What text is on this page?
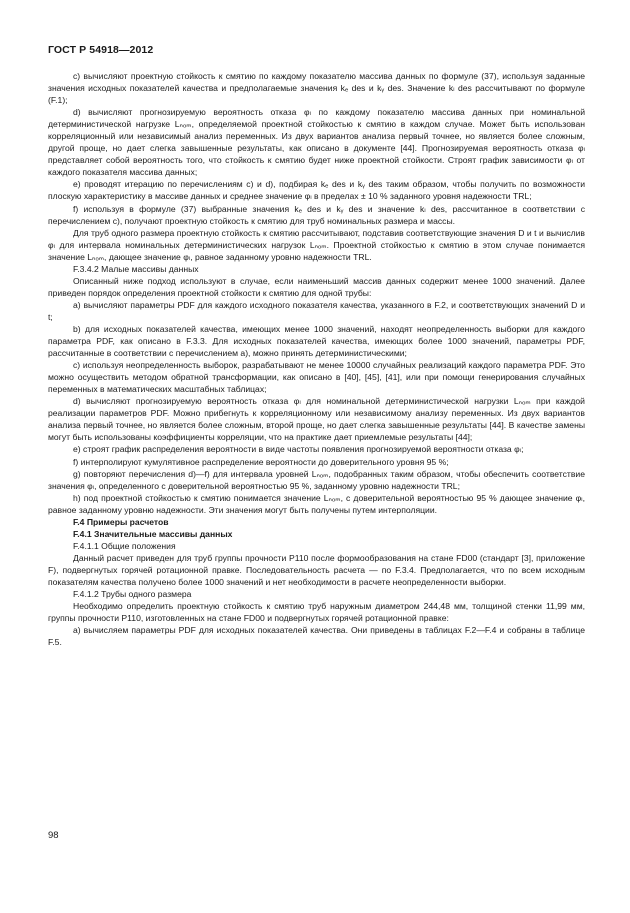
ГОСТ Р 54918—2012

с) вычисляют проектную стойкость к смятию по каждому показателю массива данных по формуле (37), используя заданные значения исходных показателей качества и предполагаемые значения kₑ des и kᵧ des. Значение kₗ des рассчитывают по формуле (F.1);

d) вычисляют прогнозируемую вероятность отказа φₗ по каждому показателю массива данных при номинальной детерминистической нагрузке Lₙₒₘ, определяемой проектной стойкостью к смятию в каждом случае. Может быть использован корреляционный или независимый анализ переменных. Из двух вариантов анализа первый точнее, но является более сложным, другой проще, но дает слегка завышенные результаты, как описано в документе [44]. Прогнозируемая вероятность отказа φₗ представляет собой вероятность того, что стойкость к смятию будет ниже проектной стойкости. Строят график зависимости φₗ от каждого показателя массива данных;

е) проводят итерацию по перечислениям с) и d), подбирая kₑ des и kᵧ des таким образом, чтобы получить по возможности плоскую характеристику в массиве данных и среднее значение φₗ в пределах ± 10 % заданного уровня надежности TRL;

f) используя в формуле (37) выбранные значения kₑ des и kᵧ des и значение kₗ des, рассчитанное в соответствии с перечислением с), получают проектную стойкость к смятию для труб номинальных размера и массы.

Для труб одного размера проектную стойкость к смятию рассчитывают, подставив соответствующие значения D и t и вычислив φₗ для интервала номинальных детерминистических нагрузок Lₙₒₘ. Проектной стойкостью к смятию в этом случае понимается значение Lₙₒₘ, дающее значение φₗ, равное заданному уровню надежности TRL.

F.3.4.2 Малые массивы данных

Описанный ниже подход используют в случае, если наименьший массив данных содержит менее 1000 значений. Далее приведен порядок определения проектной стойкости к смятию для одной трубы:

а) вычисляют параметры PDF для каждого исходного показателя качества, указанного в F.2, и соответствующих значений D и t;

b) для исходных показателей качества, имеющих менее 1000 значений, находят неопределенность выборки для каждого параметра PDF, как описано в F.3.3. Для исходных показателей качества, имеющих более 1000 значений, параметры PDF, рассчитанные в соответствии с перечислением а), можно принять детерминистическими;

с) используя неопределенность выборок, разрабатывают не менее 10000 случайных реализаций каждого параметра PDF. Это можно осуществить методом обратной трансформации, как описано в [40], [45], [41], или при помощи генерирования случайных переменных в математических масштабных таблицах;

d) вычисляют прогнозируемую вероятность отказа φₗ для номинальной детерминистической нагрузки Lₙₒₘ при каждой реализации параметров PDF. Можно прибегнуть к корреляционному или независимому анализу переменных. Из двух вариантов анализа первый точнее, но является более сложным, второй проще, но дает слегка завышенные результаты [44]. В качестве замены могут быть использованы коэффициенты корреляции, что на практике дает приемлемые результаты [44];

е) строят график распределения вероятности в виде частоты появления прогнозируемой вероятности отказа φₗ;

f) интерполируют кумулятивное распределение вероятности до доверительного уровня 95 %;

g) повторяют перечисления d)—f) для интервала уровней Lₙₒₘ, подобранных таким образом, чтобы обеспечить соответствие значения φₗ, определенного с доверительной вероятностью 95 %, заданному уровню надежности TRL;

h) под проектной стойкостью к смятию понимается значение Lₙₒₘ, с доверительной вероятностью 95 % дающее значение φₗ, равное заданному уровню надежности. Эти значения могут быть получены путем интерполяции.

F.4 Примеры расчетов

F.4.1 Значительные массивы данных

F.4.1.1 Общие положения

Данный расчет приведен для труб группы прочности Р110 после формообразования на стане FD00 (стандарт [3], приложение F), подвергнутых горячей ротационной правке. Последовательность расчета — по F.3.4. Предполагается, что по всем исходным показателям качества получено более 1000 значений и нет необходимости в расчете неопределенности выборки.

F.4.1.2 Трубы одного размера

Необходимо определить проектную стойкость к смятию труб наружным диаметром 244,48 мм, толщиной стенки 11,99 мм, группы прочности Р110, изготовленных на стане FD00 и подвергнутых горячей ротационной правке:

а) вычисляем параметры PDF для исходных показателей качества. Они приведены в таблицах F.2—F.4 и собраны в таблице F.5.

98
